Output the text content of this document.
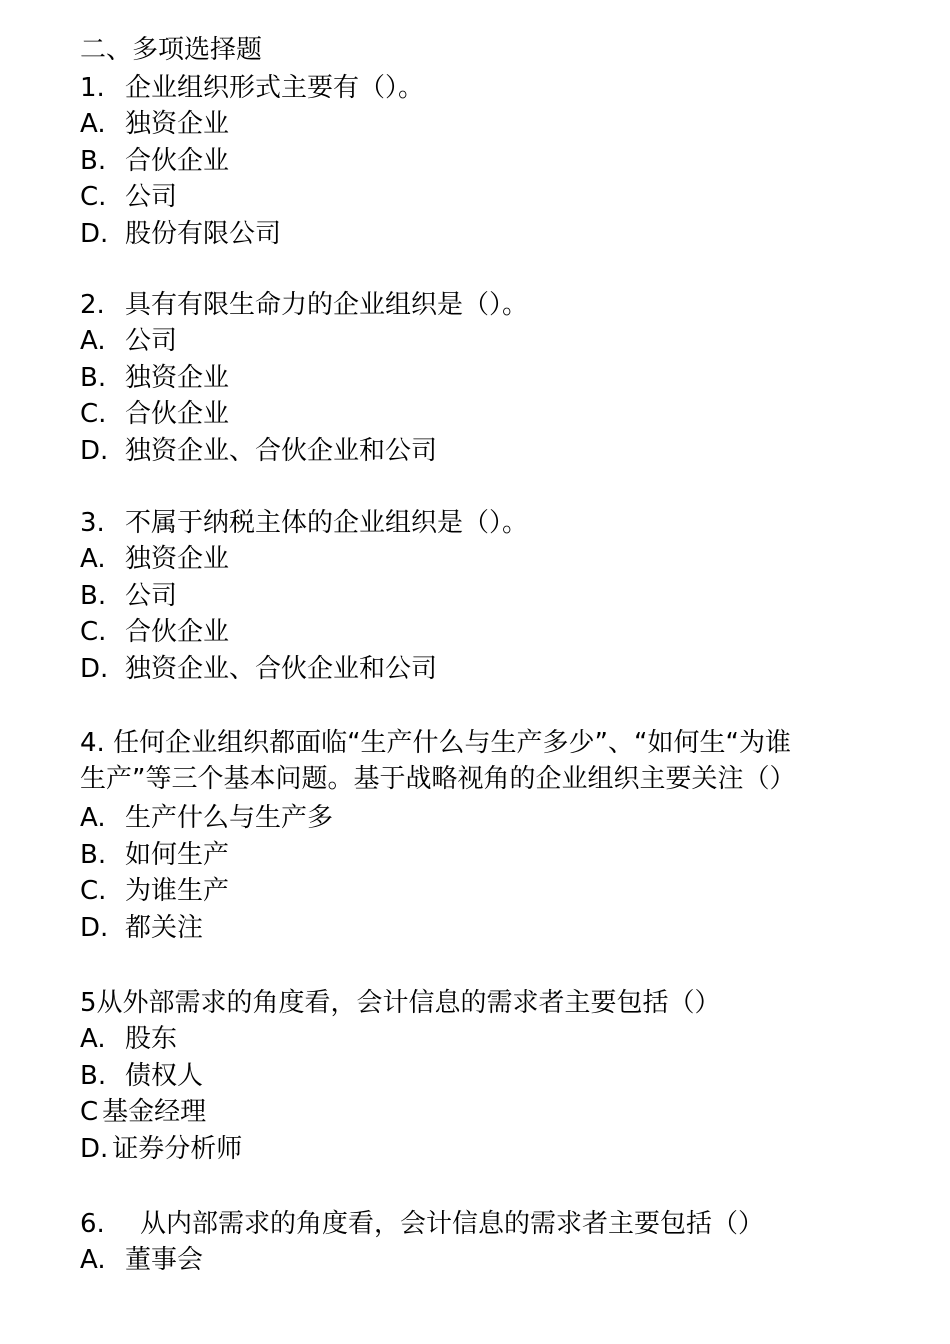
二、多项选择题
1. 企业组织形式主要有（）。
A. 独资企业
B. 合伙企业
C. 公司
D. 股份有限公司
2. 具有有限生命力的企业组织是（）。
A. 公司
B. 独资企业
C. 合伙企业
D. 独资企业、合伙企业和公司
3. 不属于纳税主体的企业组织是（）。
A. 独资企业
B. 公司
C. 合伙企业
D. 独资企业、合伙企业和公司
4. 任何企业组织都面临“生产什么与生产多少”、“如何生“为谁
生产”等三个基本问题。基于战略视角的企业组织主要关注（）
A. 生产什么与生产多
B. 如何生产
C. 为谁生产
D. 都关注
5从外部需求的角度看，会计信息的需求者主要包括（）
A. 股东
B. 债权人
C 基金经理
D. 证券分析师
6.	从内部需求的角度看，会计信息的需求者主要包括（）
A. 董事会
